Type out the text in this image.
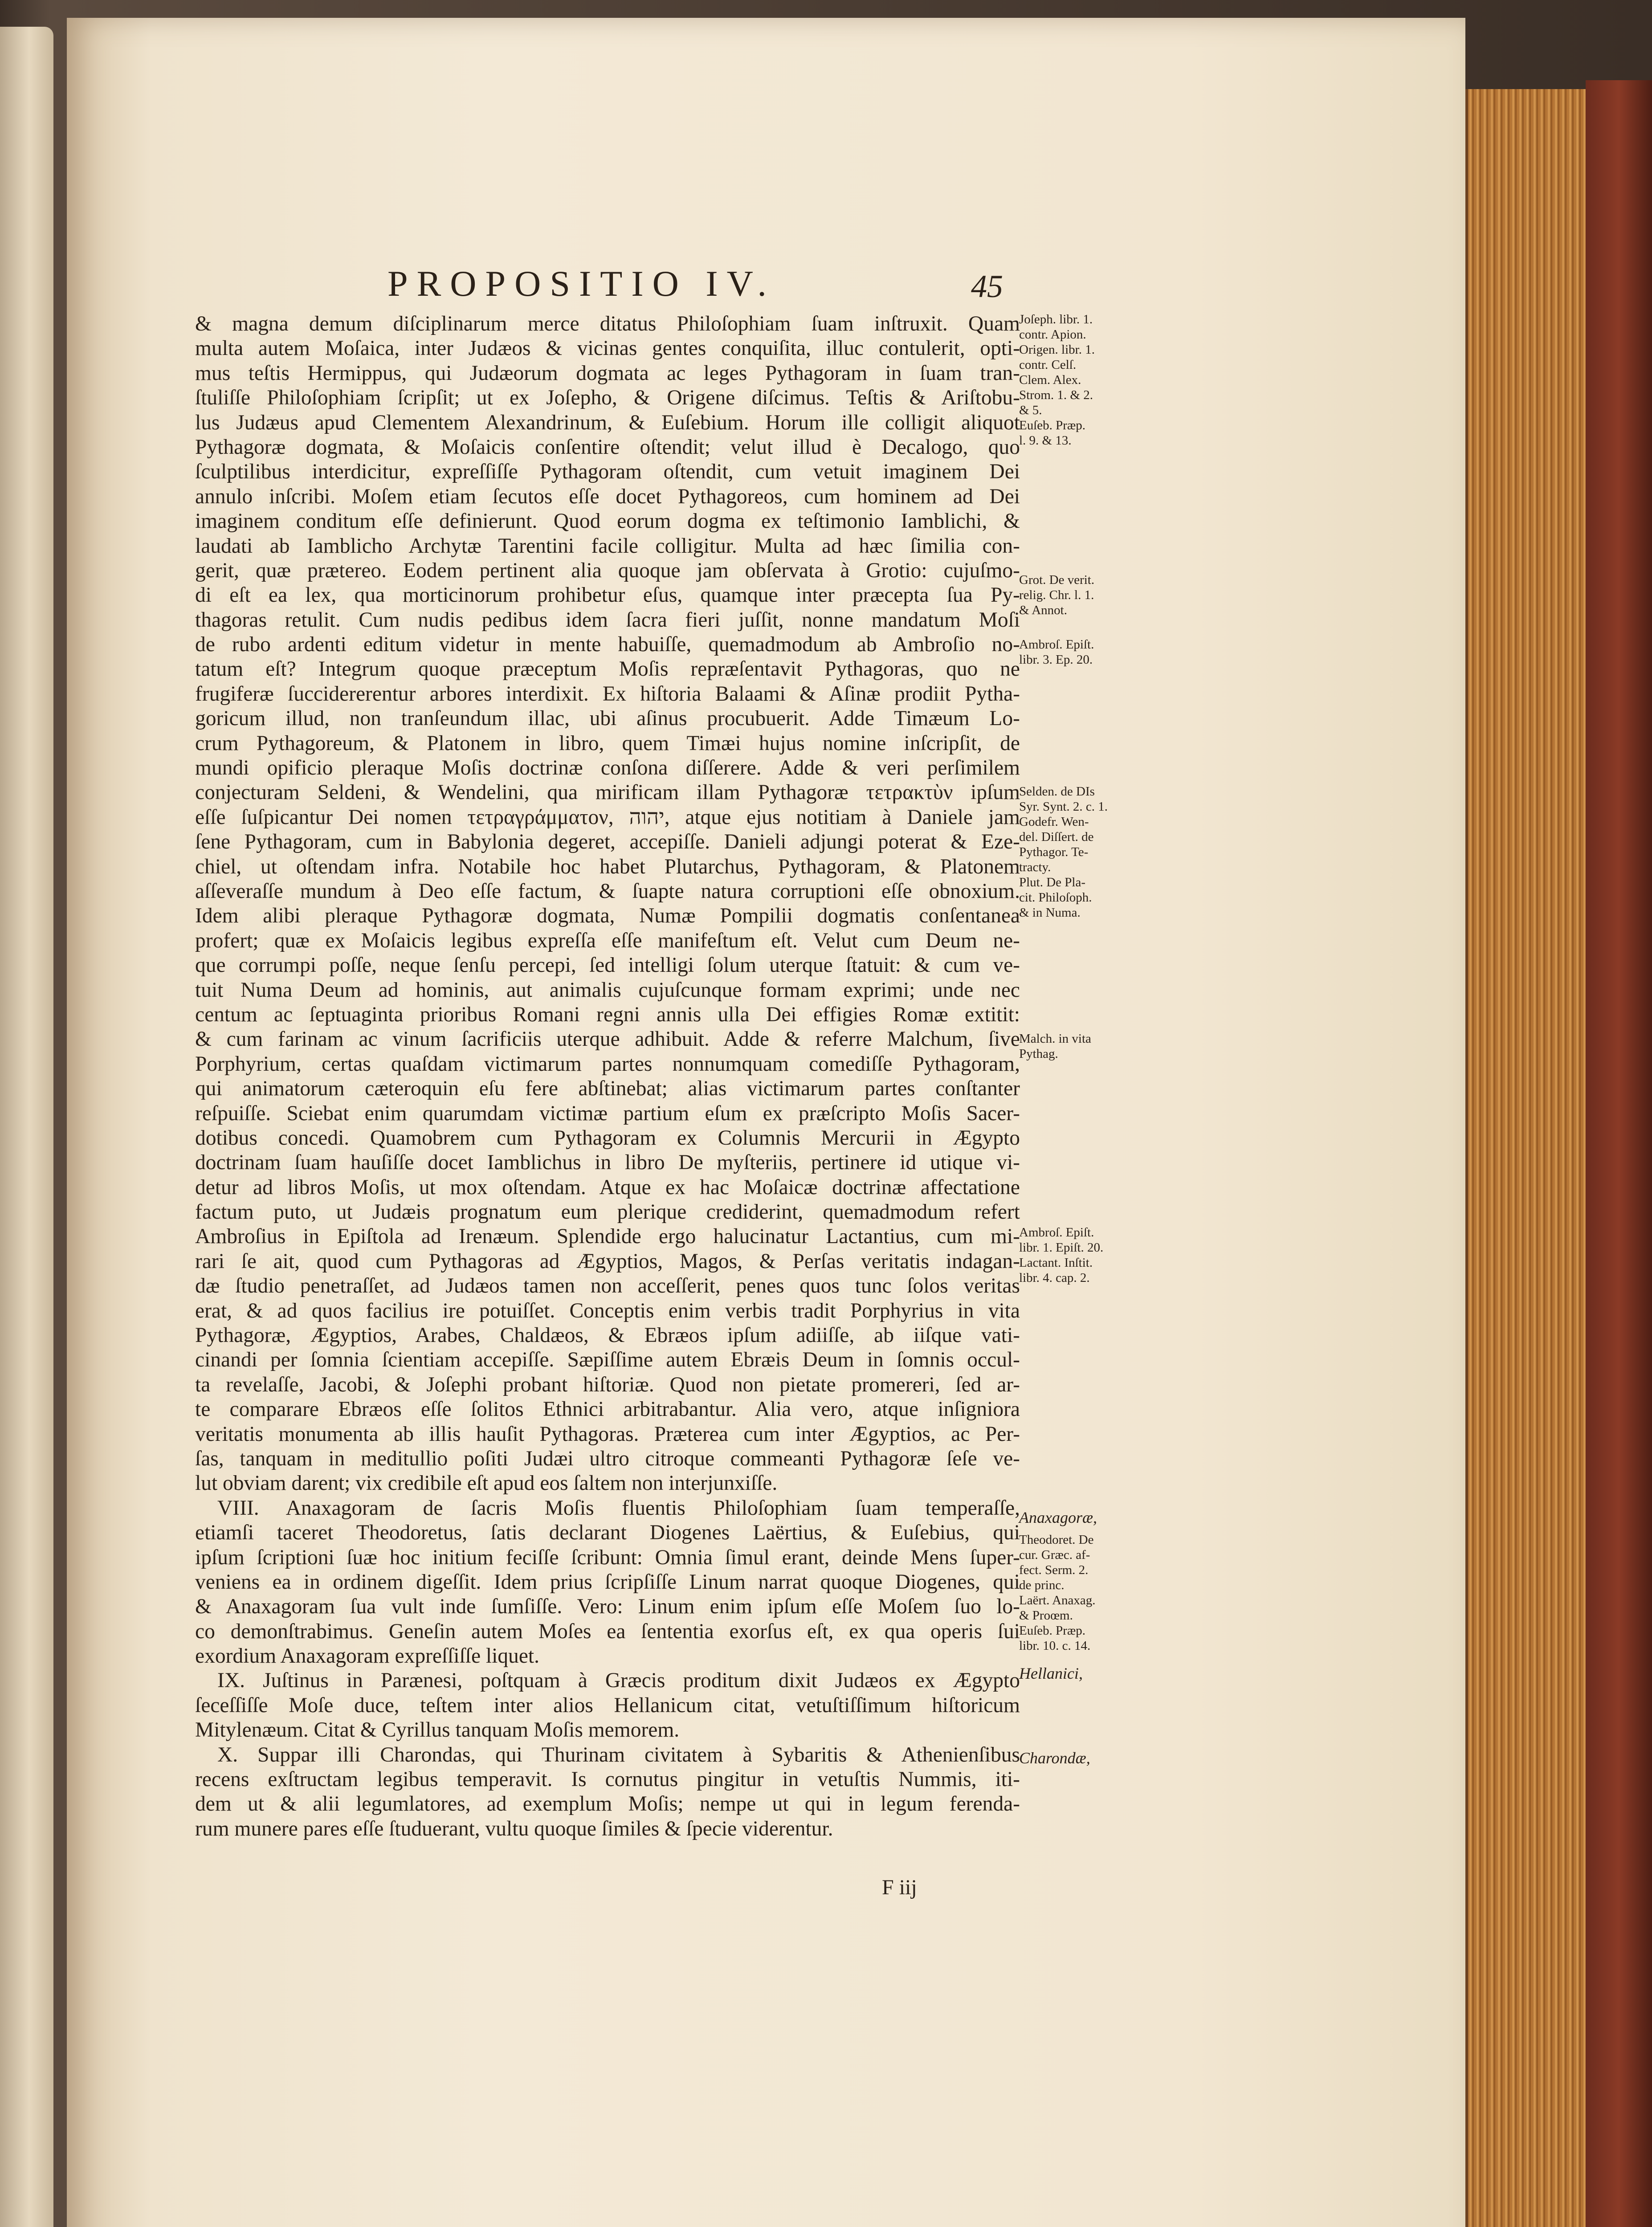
PROPOSITIO IV.	45
& magna demum diſciplinarum merce ditatus Philoſophiam ſuam inſtruxit. Quam
multa autem Moſaica, inter Judæos & vicinas gentes conquiſita, illuc contulerit, opti-
mus teſtis Hermippus, qui Judæorum dogmata ac leges Pythagoram in ſuam tran-
ſtuliſſe Philoſophiam ſcripſit; ut ex Joſepho, & Origene diſcimus. Teſtis & Ariſtobu-
lus Judæus apud Clementem Alexandrinum, & Euſebium. Horum ille colligit aliquot
Pythagoræ dogmata, & Moſaicis conſentire oſtendit; velut illud è Decalogo, quo
ſculptilibus interdicitur, expreſſiſſe Pythagoram oſtendit, cum vetuit imaginem Dei
annulo inſcribi. Moſem etiam ſecutos eſſe docet Pythagoreos, cum hominem ad Dei
imaginem conditum eſſe definierunt. Quod eorum dogma ex teſtimonio Iamblichi, &
laudati ab Iamblicho Archytæ Tarentini facile colligitur. Multa ad hæc ſimilia con-
gerit, quæ prætereo. Eodem pertinent alia quoque jam obſervata à Grotio: cujuſmo-
di eſt ea lex, qua morticinorum prohibetur eſus, quamque inter præcepta ſua Py-
thagoras retulit. Cum nudis pedibus idem ſacra fieri juſſit, nonne mandatum Moſi
de rubo ardenti editum videtur in mente habuiſſe, quemadmodum ab Ambroſio no-
tatum eſt? Integrum quoque præceptum Moſis repræſentavit Pythagoras, quo ne
frugiferæ ſuccidererentur arbores interdixit. Ex hiſtoria Balaami & Aſinæ prodiit Pytha-
goricum illud, non tranſeundum illac, ubi aſinus procubuerit. Adde Timæum Lo-
crum Pythagoreum, & Platonem in libro, quem Timæi hujus nomine inſcripſit, de
mundi opificio pleraque Moſis doctrinæ conſona diſſerere. Adde & veri perſimilem
conjecturam Seldeni, & Wendelini, qua mirificam illam Pythagoræ τετρακτὺν ipſum
eſſe ſuſpicantur Dei nomen τετραγράμματον, יהוה, atque ejus notitiam à Daniele jam
ſene Pythagoram, cum in Babylonia degeret, accepiſſe. Danieli adjungi poterat & Eze-
chiel, ut oſtendam infra. Notabile hoc habet Plutarchus, Pythagoram, & Platonem
aſſeveraſſe mundum à Deo eſſe factum, & ſuapte natura corruptioni eſſe obnoxium.
Idem alibi pleraque Pythagoræ dogmata, Numæ Pompilii dogmatis conſentanea
profert; quæ ex Moſaicis legibus expreſſa eſſe manifeſtum eſt. Velut cum Deum ne-
que corrumpi poſſe, neque ſenſu percepi, ſed intelligi ſolum uterque ſtatuit: & cum ve-
tuit Numa Deum ad hominis, aut animalis cujuſcunque formam exprimi; unde nec
centum ac ſeptuaginta prioribus Romani regni annis ulla Dei effigies Romæ extitit:
& cum farinam ac vinum ſacrificiis uterque adhibuit. Adde & referre Malchum, ſive
Porphyrium, certas quaſdam victimarum partes nonnumquam comediſſe Pythagoram,
qui animatorum cæteroquin eſu fere abſtinebat; alias victimarum partes conſtanter
reſpuiſſe. Sciebat enim quarumdam victimæ partium eſum ex præſcripto Moſis Sacer-
dotibus concedi. Quamobrem cum Pythagoram ex Columnis Mercurii in Ægypto
doctrinam ſuam hauſiſſe docet Iamblichus in libro De myſteriis, pertinere id utique vi-
detur ad libros Moſis, ut mox oſtendam. Atque ex hac Moſaicæ doctrinæ affectatione
factum puto, ut Judæis prognatum eum plerique crediderint, quemadmodum refert
Ambroſius in Epiſtola ad Irenæum. Splendide ergo halucinatur Lactantius, cum mi-
rari ſe ait, quod cum Pythagoras ad Ægyptios, Magos, & Perſas veritatis indagan-
dæ ſtudio penetraſſet, ad Judæos tamen non acceſſerit, penes quos tunc ſolos veritas
erat, & ad quos facilius ire potuiſſet. Conceptis enim verbis tradit Porphyrius in vita
Pythagoræ, Ægyptios, Arabes, Chaldæos, & Ebræos ipſum adiiſſe, ab iiſque vati-
cinandi per ſomnia ſcientiam accepiſſe. Sæpiſſime autem Ebræis Deum in ſomnis occul-
ta revelaſſe, Jacobi, & Joſephi probant hiſtoriæ. Quod non pietate promereri, ſed ar-
te comparare Ebræos eſſe ſolitos Ethnici arbitrabantur. Alia vero, atque inſigniora
veritatis monumenta ab illis hauſit Pythagoras. Præterea cum inter Ægyptios, ac Per-
ſas, tanquam in meditullio poſiti Judæi ultro citroque commeanti Pythagoræ ſeſe ve-
lut obviam darent; vix credibile eſt apud eos ſaltem non interjunxiſſe.
VIII. Anaxagoram de ſacris Moſis fluentis Philoſophiam ſuam temperaſſe,
etiamſi taceret Theodoretus, ſatis declarant Diogenes Laërtius, & Euſebius, qui
ipſum ſcriptioni ſuæ hoc initium feciſſe ſcribunt: Omnia ſimul erant, deinde Mens ſuper-
veniens ea in ordinem digeſſit. Idem prius ſcripſiſſe Linum narrat quoque Diogenes, qui
& Anaxagoram ſua vult inde ſumſiſſe. Vero: Linum enim ipſum eſſe Moſem ſuo lo-
co demonſtrabimus. Geneſin autem Moſes ea ſententia exorſus eſt, ex qua operis ſui
exordium Anaxagoram expreſſiſſe liquet.
IX. Juſtinus in Parænesi, poſtquam à Græcis proditum dixit Judæos ex Ægypto
ſeceſſiſſe Moſe duce, teſtem inter alios Hellanicum citat, vetuſtiſſimum hiſtoricum
Mitylenæum. Citat & Cyrillus tanquam Moſis memorem.
X. Suppar illi Charondas, qui Thurinam civitatem à Sybaritis & Athenienſibus
recens exſtructam legibus temperavit. Is cornutus pingitur in vetuſtis Nummis, iti-
dem ut & alii legumlatores, ad exemplum Moſis; nempe ut qui in legum ferenda-
rum munere pares eſſe ſtuduerant, vultu quoque ſimiles & ſpecie viderentur.
Joſeph. libr. 1.
contr. Apion.
Origen. libr. 1.
contr. Celſ.
Clem. Alex.
Strom. 1. & 2.
& 5.
Euſeb. Præp.
l. 9. & 13.
Grot. De verit.
relig. Chr. l. 1.
& Annot.
Ambroſ. Epiſt.
libr. 3. Ep. 20.
Selden. de DIs
Syr. Synt. 2. c. 1.
Godefr. Wen-
del. Diſſert. de
Pythagor. Te-
tracty.
Plut. De Pla-
cit. Philoſoph.
& in Numa.
Malch. in vita
Pythag.
Ambroſ. Epiſt.
libr. 1. Epiſt. 20.
Lactant. Inſtit.
libr. 4. cap. 2.
Anaxagoræ,
Theodoret. De
cur. Græc. af-
fect. Serm. 2.
de princ.
Laërt. Anaxag.
& Proœm.
Euſeb. Præp.
libr. 10. c. 14.
Hellanici,
Charondæ,
F iij
